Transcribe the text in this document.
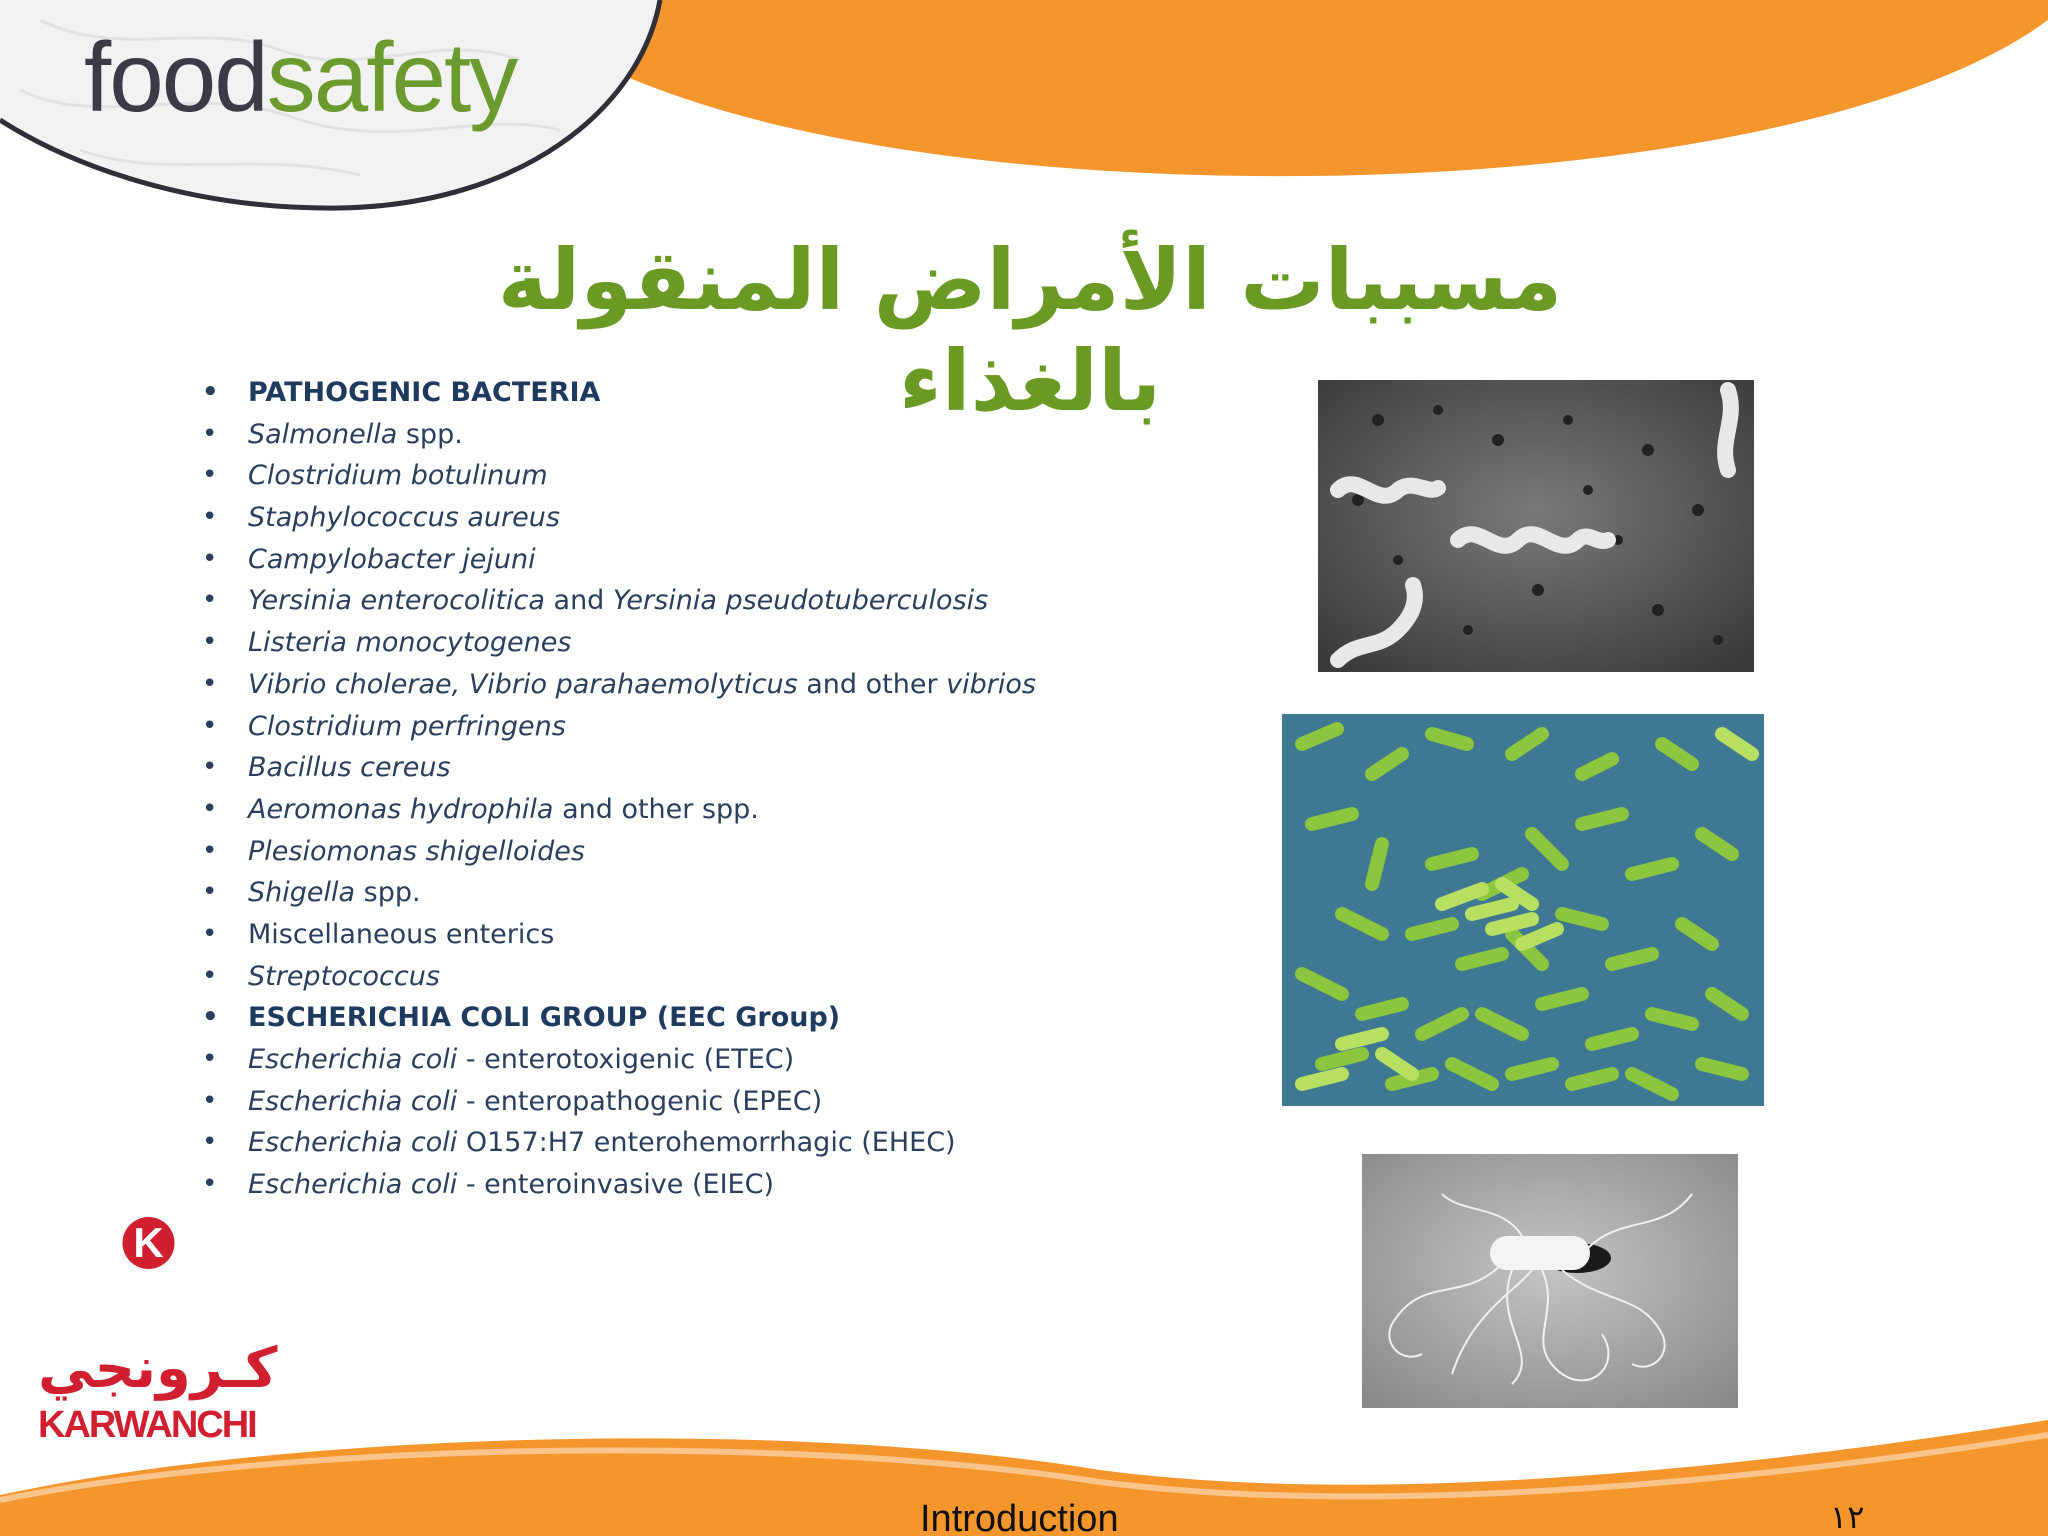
foodsafety
مسببات الأمراض المنقولة بالغذاء
• PATHOGENIC BACTERIA
• Salmonella spp.
• Clostridium botulinum
• Staphylococcus aureus
• Campylobacter jejuni
• Yersinia enterocolitica and Yersinia pseudotuberculosis
• Listeria monocytogenes
• Vibrio cholerae, Vibrio parahaemolyticus and other vibrios
• Clostridium perfringens
• Bacillus cereus
• Aeromonas hydrophila and other spp.
• Plesiomonas shigelloides
• Shigella spp.
• Miscellaneous enterics
• Streptococcus
• ESCHERICHIA COLI GROUP (EEC Group)
• Escherichia coli - enterotoxigenic (ETEC)
• Escherichia coli - enteropathogenic (EPEC)
• Escherichia coli O157:H7 enterohemorrhagic (EHEC)
• Escherichia coli - enteroinvasive (EIEC)
K
كـرونجي
KARWANCHI
Introduction	١٢
